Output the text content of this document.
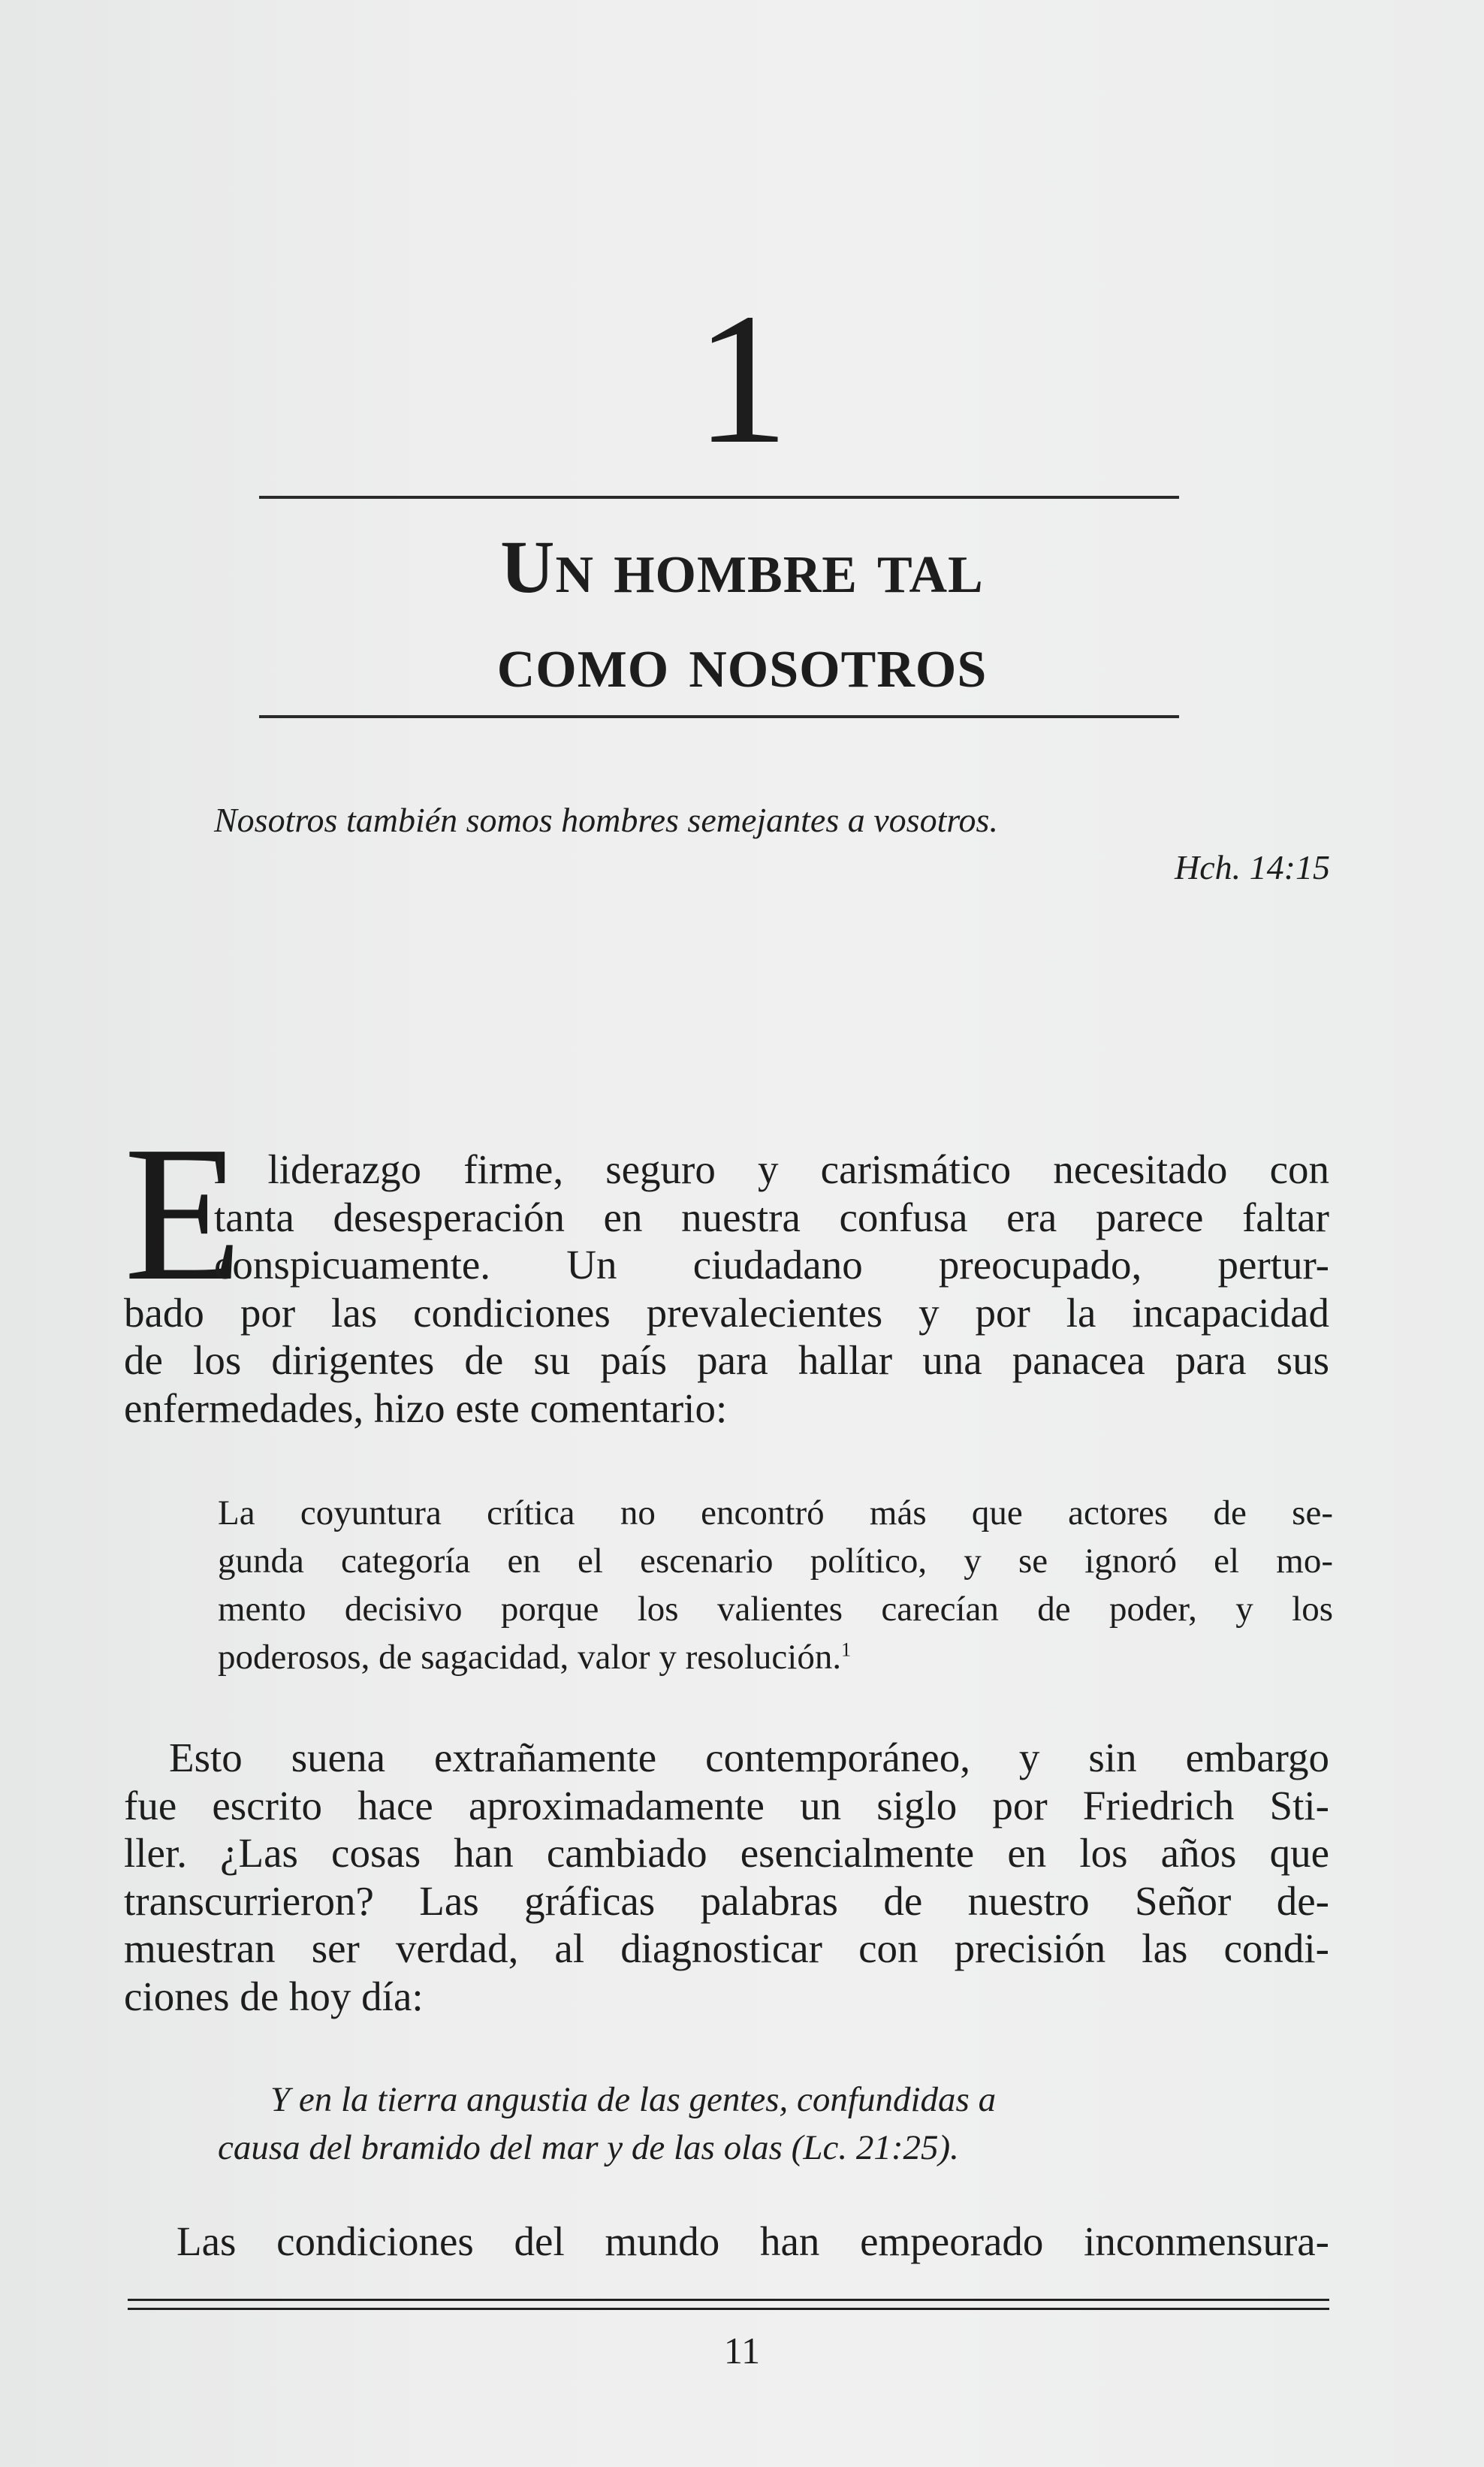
1
Un hombre tal
como nosotros
Nosotros también somos hombres semejantes a vosotros.
Hch. 14:15
E
l liderazgo firme, seguro y carismático necesitado con
tanta desesperación en nuestra confusa era parece faltar
conspicuamente. Un ciudadano preocupado, pertur-
bado por las condiciones prevalecientes y por la incapacidad
de los dirigentes de su país para hallar una panacea para sus
enfermedades, hizo este comentario:
La coyuntura crítica no encontró más que actores de se-
gunda categoría en el escenario político, y se ignoró el mo-
mento decisivo porque los valientes carecían de poder, y los
poderosos, de sagacidad, valor y resolución.$^1$
Esto suena extrañamente contemporáneo, y sin embargo
fue escrito hace aproximadamente un siglo por Friedrich Sti-
ller. ¿Las cosas han cambiado esencialmente en los años que
transcurrieron? Las gráficas palabras de nuestro Señor de-
muestran ser verdad, al diagnosticar con precisión las condi-
ciones de hoy día:
Y en la tierra angustia de las gentes, confundidas a
causa del bramido del mar y de las olas (Lc. 21:25).
Las condiciones del mundo han empeorado inconmensura-
11
